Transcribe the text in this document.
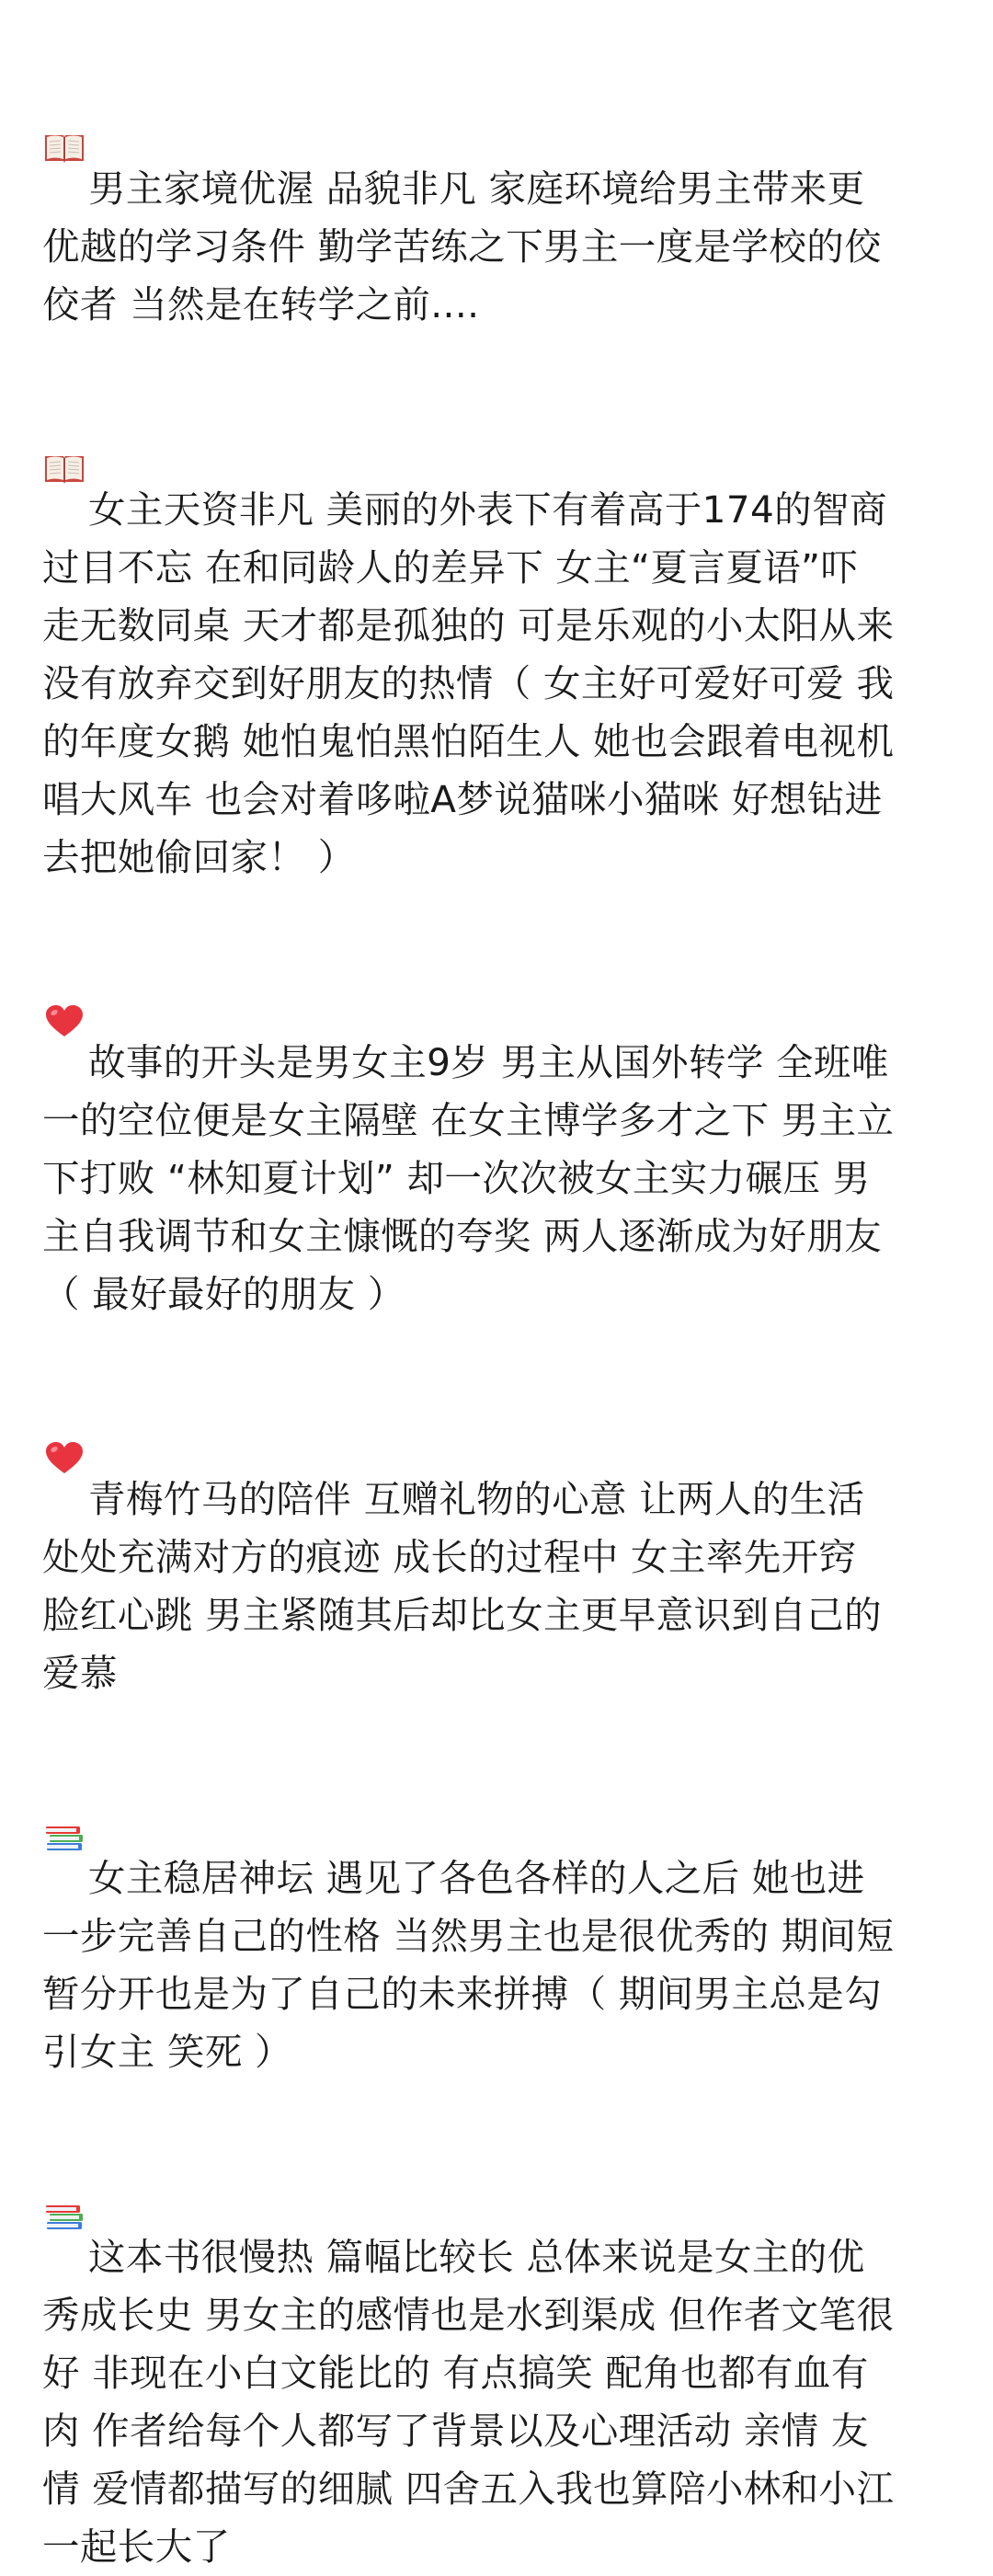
男主家境优渥 品貌非凡 家庭环境给男主带来更
优越的学习条件 勤学苦练之下男主一度是学校的佼
佼者 当然是在转学之前....

女主天资非凡 美丽的外表下有着高于174的智商
过目不忘 在和同龄人的差异下 女主“夏言夏语”吓
走无数同桌 天才都是孤独的 可是乐观的小太阳从来
没有放弃交到好朋友的热情（ 女主好可爱好可爱 我
的年度女鹅 她怕鬼怕黑怕陌生人 她也会跟着电视机
唱大风车 也会对着哆啦A梦说猫咪小猫咪 好想钻进
去把她偷回家！ ）

故事的开头是男女主9岁 男主从国外转学 全班唯
一的空位便是女主隔壁 在女主博学多才之下 男主立
下打败 “林知夏计划” 却一次次被女主实力碾压 男
主自我调节和女主慷慨的夸奖 两人逐渐成为好朋友
（ 最好最好的朋友 ）

青梅竹马的陪伴 互赠礼物的心意 让两人的生活
处处充满对方的痕迹 成长的过程中 女主率先开窍
脸红心跳 男主紧随其后却比女主更早意识到自己的
爱慕

女主稳居神坛 遇见了各色各样的人之后 她也进
一步完善自己的性格 当然男主也是很优秀的 期间短
暂分开也是为了自己的未来拼搏（ 期间男主总是勾
引女主 笑死 ）

这本书很慢热 篇幅比较长 总体来说是女主的优
秀成长史 男女主的感情也是水到渠成 但作者文笔很
好 非现在小白文能比的 有点搞笑 配角也都有血有
肉 作者给每个人都写了背景以及心理活动 亲情 友
情 爱情都描写的细腻 四舍五入我也算陪小林和小江
一起长大了
